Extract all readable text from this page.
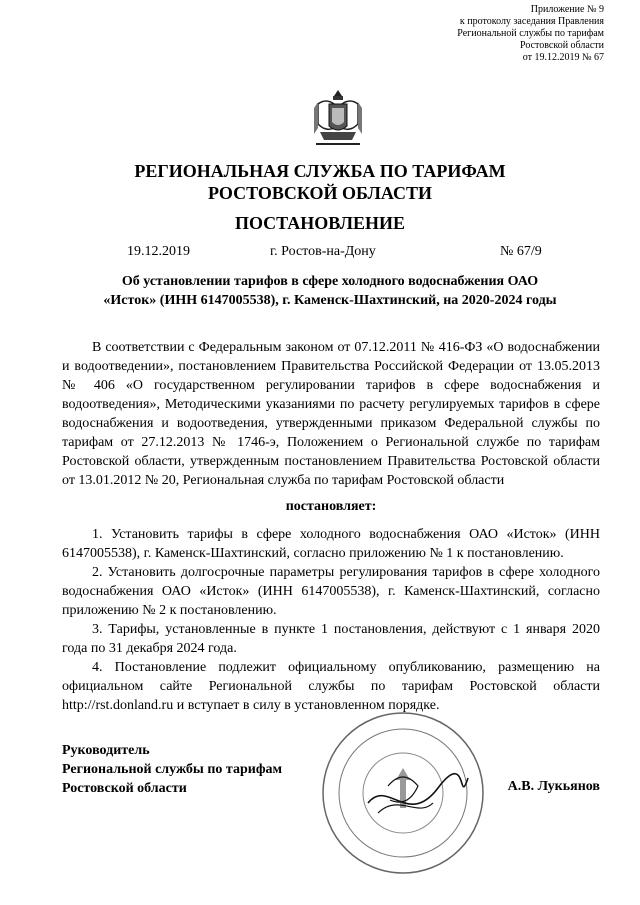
Приложение № 9
к протоколу заседания Правления
Региональной службы по тарифам
Ростовской области
от 19.12.2019 № 67
РЕГИОНАЛЬНАЯ СЛУЖБА ПО ТАРИФАМ
РОСТОВСКОЙ ОБЛАСТИ
ПОСТАНОВЛЕНИЕ
19.12.2019	г. Ростов-на-Дону	№ 67/9
Об установлении тарифов в сфере холодного водоснабжения ОАО
«Исток» (ИНН 6147005538), г. Каменск-Шахтинский, на 2020-2024 годы

В соответствии с Федеральным законом от 07.12.2011 № 416-ФЗ «О водоснабжении и водоотведении», постановлением Правительства Российской Федерации от 13.05.2013 № 406 «О государственном регулировании тарифов в сфере водоснабжения и водоотведения», Методическими указаниями по расчету регулируемых тарифов в сфере водоснабжения и водоотведения, утвержденными приказом Федеральной службы по тарифам от 27.12.2013 № 1746-э, Положением о Региональной службе по тарифам Ростовской области, утвержденным постановлением Правительства Ростовской области от 13.01.2012 № 20, Региональная служба по тарифам Ростовской области

постановляет:

1. Установить тарифы в сфере холодного водоснабжения ОАО «Исток» (ИНН 6147005538), г. Каменск-Шахтинский, согласно приложению № 1 к постановлению.

2. Установить долгосрочные параметры регулирования тарифов в сфере холодного водоснабжения ОАО «Исток» (ИНН 6147005538), г. Каменск-Шахтинский, согласно приложению № 2 к постановлению.

3. Тарифы, установленные в пункте 1 постановления, действуют с 1 января 2020 года по 31 декабря 2024 года.

4. Постановление подлежит официальному опубликованию, размещению на официальном сайте Региональной службы по тарифам Ростовской области http://rst.donland.ru и вступает в силу в установленном порядке.

Руководитель
Региональной службы по тарифам
Ростовской области	А.В. Лукьянов
